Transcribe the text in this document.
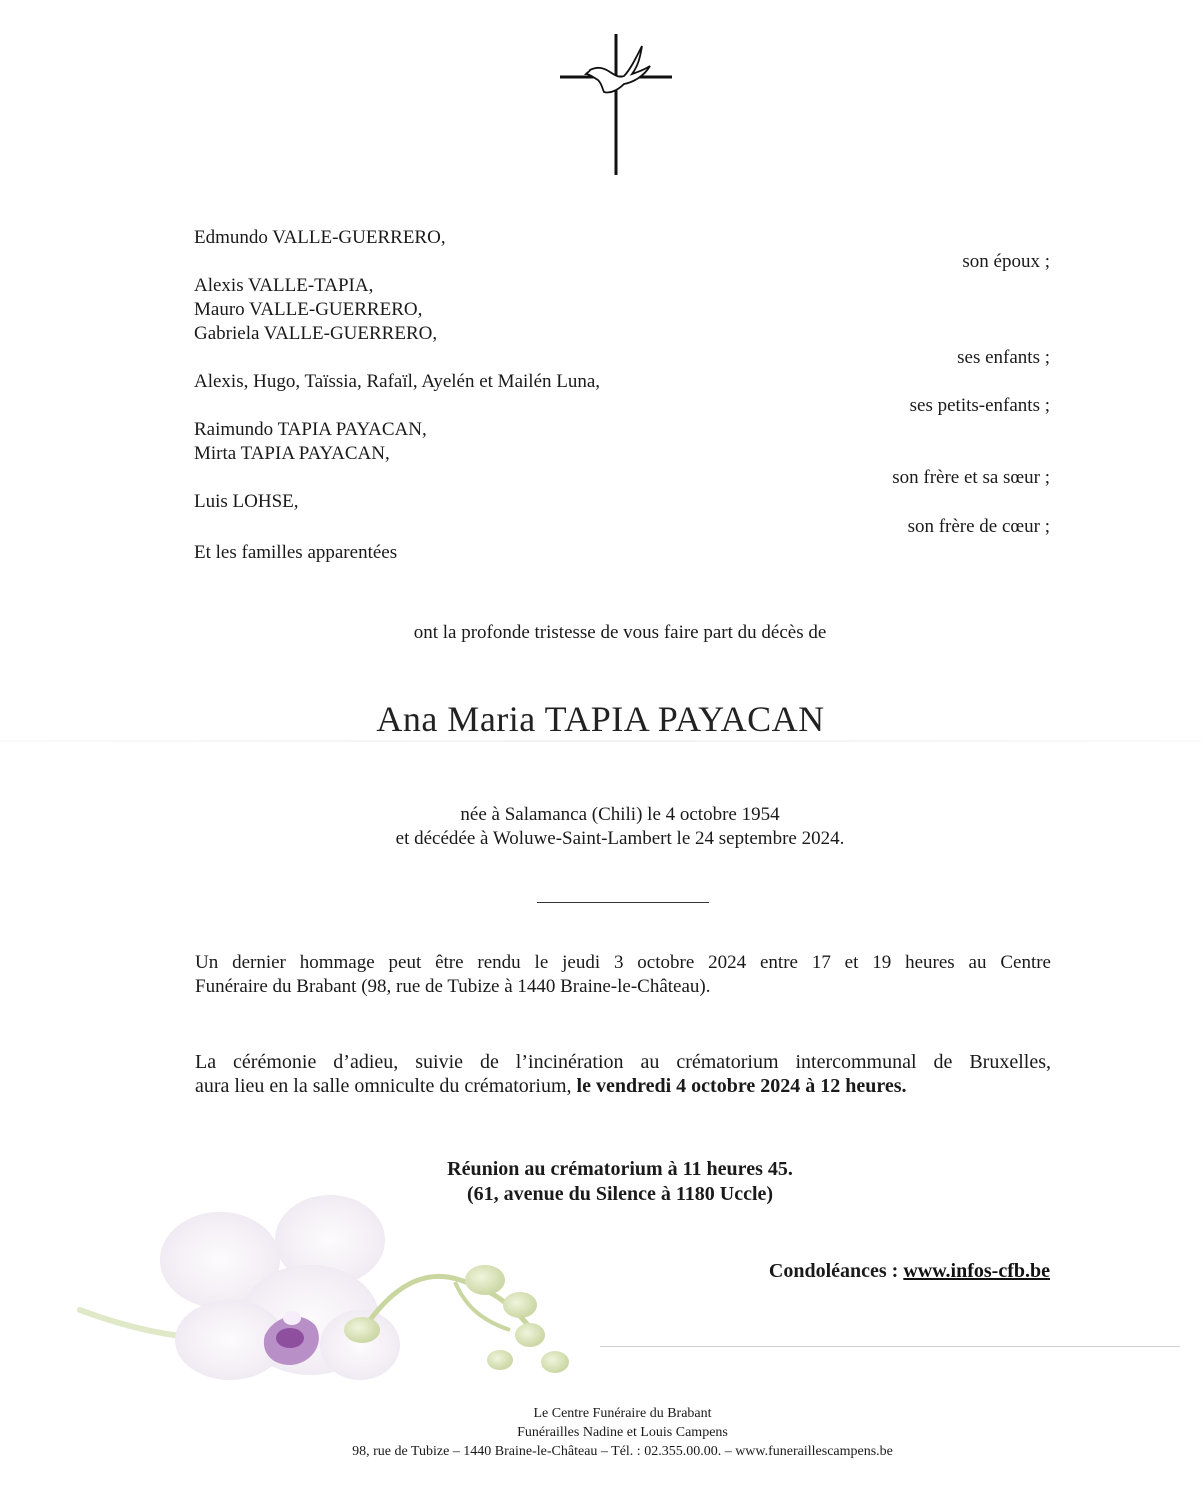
Edmundo VALLE-GUERRERO,
son époux ;
Alexis VALLE-TAPIA,
Mauro VALLE-GUERRERO,
Gabriela VALLE-GUERRERO,
ses enfants ;
Alexis, Hugo, Taïssia, Rafaïl, Ayelén et Mailén Luna,
ses petits-enfants ;
Raimundo TAPIA PAYACAN,
Mirta TAPIA PAYACAN,
son frère et sa sœur ;
Luis LOHSE,
son frère de cœur ;
Et les familles apparentées
ont la profonde tristesse de vous faire part du décès de
Ana Maria TAPIA PAYACAN
née à Salamanca (Chili) le 4 octobre 1954
et décédée à Woluwe-Saint-Lambert le 24 septembre 2024.
Un dernier hommage peut être rendu le jeudi 3 octobre 2024 entre 17 et 19 heures au Centre
Funéraire du Brabant (98, rue de Tubize à 1440 Braine-le-Château).
La cérémonie d’adieu, suivie de l’incinération au crématorium intercommunal de Bruxelles,
aura lieu en la salle omniculte du crématorium, le vendredi 4 octobre 2024 à 12 heures.
Réunion au crématorium à 11 heures 45.
(61, avenue du Silence à 1180 Uccle)
Condoléances : www.infos-cfb.be
Le Centre Funéraire du Brabant
Funérailles Nadine et Louis Campens
98, rue de Tubize – 1440 Braine-le-Château – Tél. : 02.355.00.00. – www.funeraillescampens.be
